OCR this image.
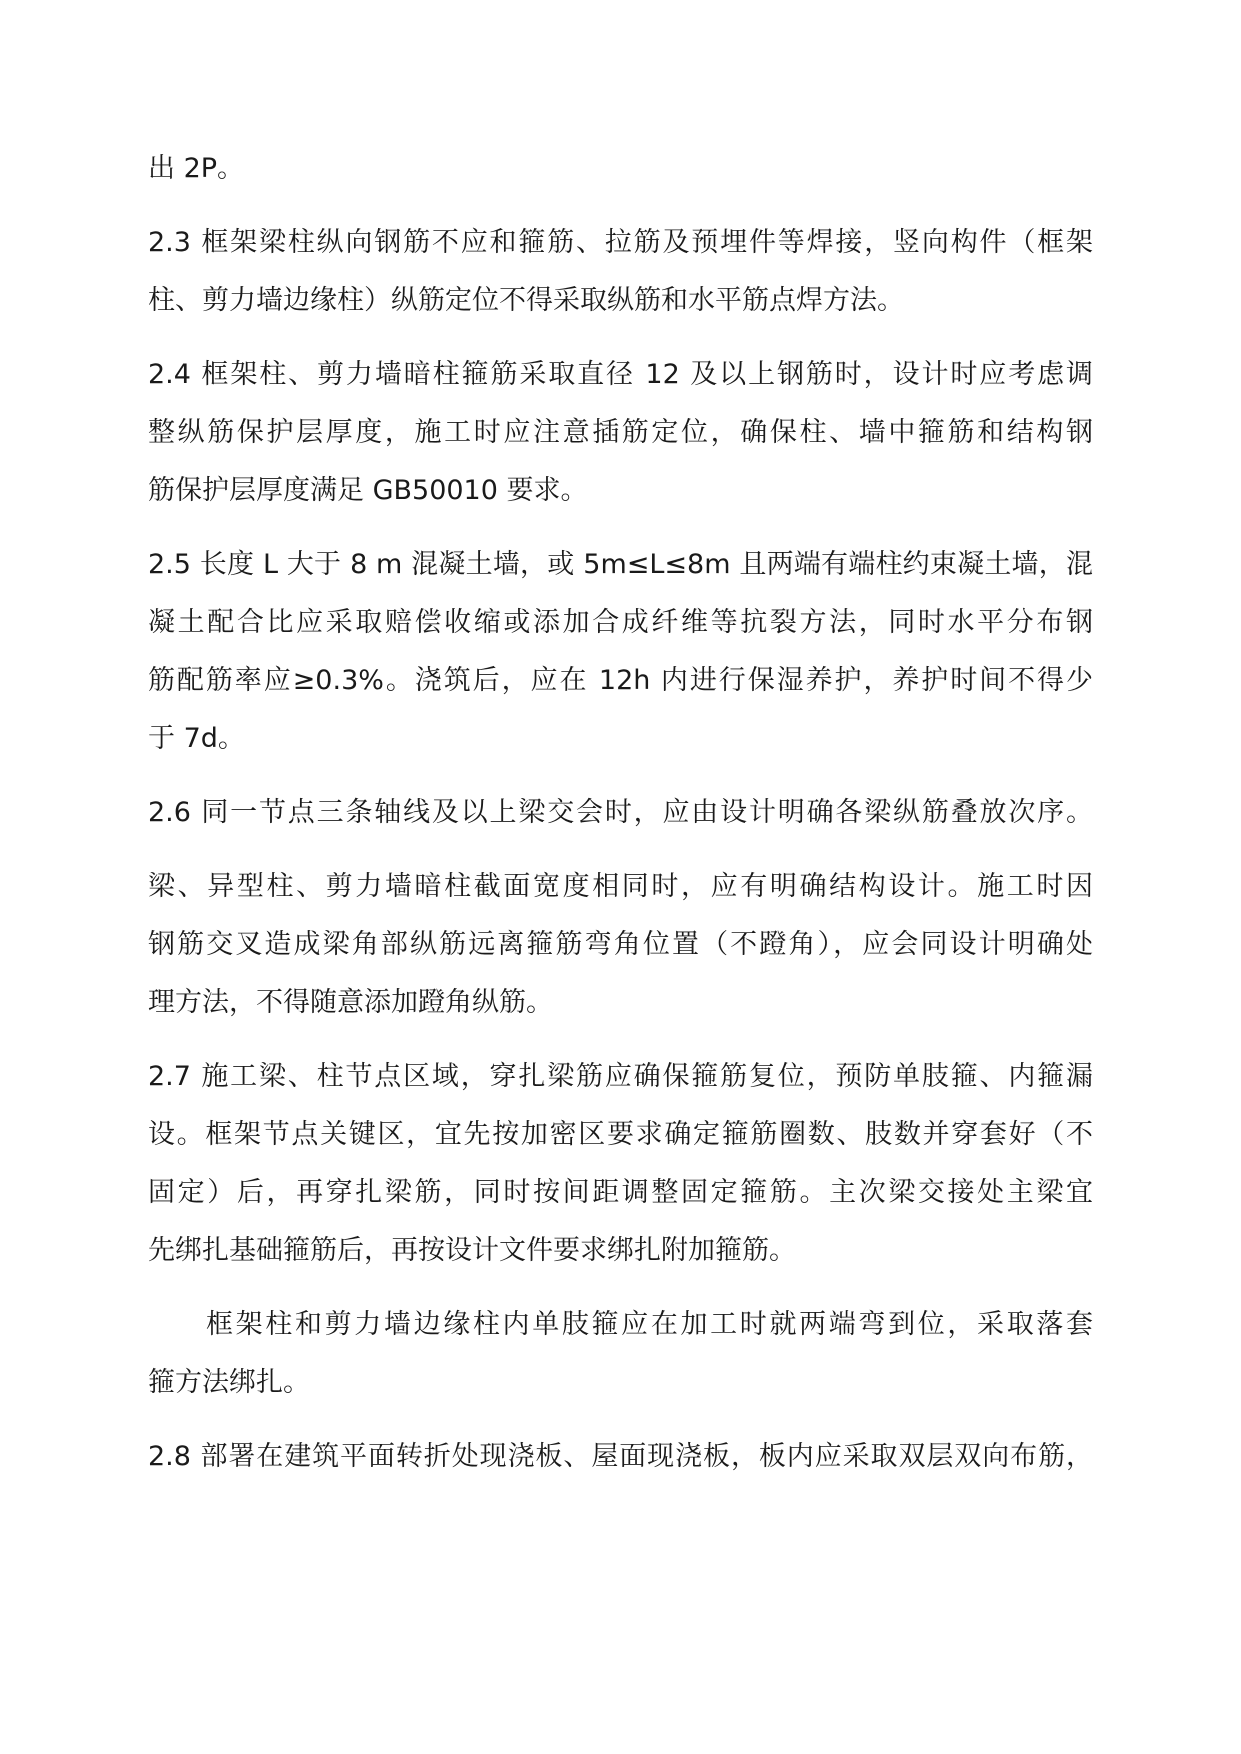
出 2P。
2.3 框架梁柱纵向钢筋不应和箍筋、拉筋及预埋件等焊接，竖向构件（框架
柱、剪力墙边缘柱）纵筋定位不得采取纵筋和水平筋点焊方法。
2.4 框架柱、剪力墙暗柱箍筋采取直径 12 及以上钢筋时，设计时应考虑调
整纵筋保护层厚度，施工时应注意插筋定位，确保柱、墙中箍筋和结构钢
筋保护层厚度满足 GB50010 要求。
2.5 长度 L 大于 8 m 混凝土墙，或 5m≤L≤8m 且两端有端柱约束凝土墙，混
凝土配合比应采取赔偿收缩或添加合成纤维等抗裂方法，同时水平分布钢
筋配筋率应≥0.3%。浇筑后，应在 12h 内进行保湿养护，养护时间不得少
于 7d。
2.6 同一节点三条轴线及以上梁交会时，应由设计明确各梁纵筋叠放次序。
梁、异型柱、剪力墙暗柱截面宽度相同时，应有明确结构设计。施工时因
钢筋交叉造成梁角部纵筋远离箍筋弯角位置（不蹬角），应会同设计明确处
理方法，不得随意添加蹬角纵筋。
2.7 施工梁、柱节点区域，穿扎梁筋应确保箍筋复位，预防单肢箍、内箍漏
设。框架节点关键区，宜先按加密区要求确定箍筋圈数、肢数并穿套好（不
固定）后，再穿扎梁筋，同时按间距调整固定箍筋。主次梁交接处主梁宜
先绑扎基础箍筋后，再按设计文件要求绑扎附加箍筋。
框架柱和剪力墙边缘柱内单肢箍应在加工时就两端弯到位，采取落套
箍方法绑扎。
2.8 部署在建筑平面转折处现浇板、屋面现浇板，板内应采取双层双向布筋，
